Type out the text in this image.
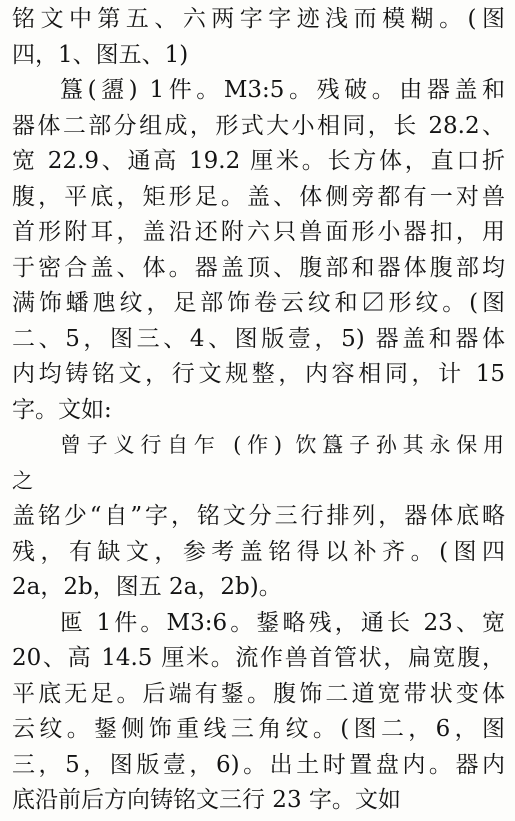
铭文中第五、六两字字迹浅而模糊。(图
四，1、图五、1)
簋(盨) 1件。M3:5。残破。由器盖和
器体二部分组成，形式大小相同，长 28.2、
宽 22.9、通高 19.2 厘米。长方体，直口折
腹，平底，矩形足。盖、体侧旁都有一对兽
首形附耳，盖沿还附六只兽面形小器扣，用
于密合盖、体。器盖顶、腹部和器体腹部均
满饰蟠虺纹，足部饰卷云纹和〼形纹。(图
二、5，图三、4、图版壹，5) 器盖和器体
内均铸铭文，行文规整，内容相同，计 15
字。文如:
曾子义行自乍 (作) 饮簋子孙其永保用
之
盖铭少“自”字，铭文分三行排列，器体底略
残，有缺文，参考盖铭得以补齐。(图四
2a，2b，图五 2a，2b)。
匜 1件。M3:6。鋬略残，通长 23、宽
20、高 14.5 厘米。流作兽首管状，扁宽腹，
平底无足。后端有鋬。腹饰二道宽带状变体
云纹。鋬侧饰重线三角纹。(图二，6，图
三，5，图版壹，6)。出土时置盘内。器内
底沿前后方向铸铭文三行 23 字。文如
